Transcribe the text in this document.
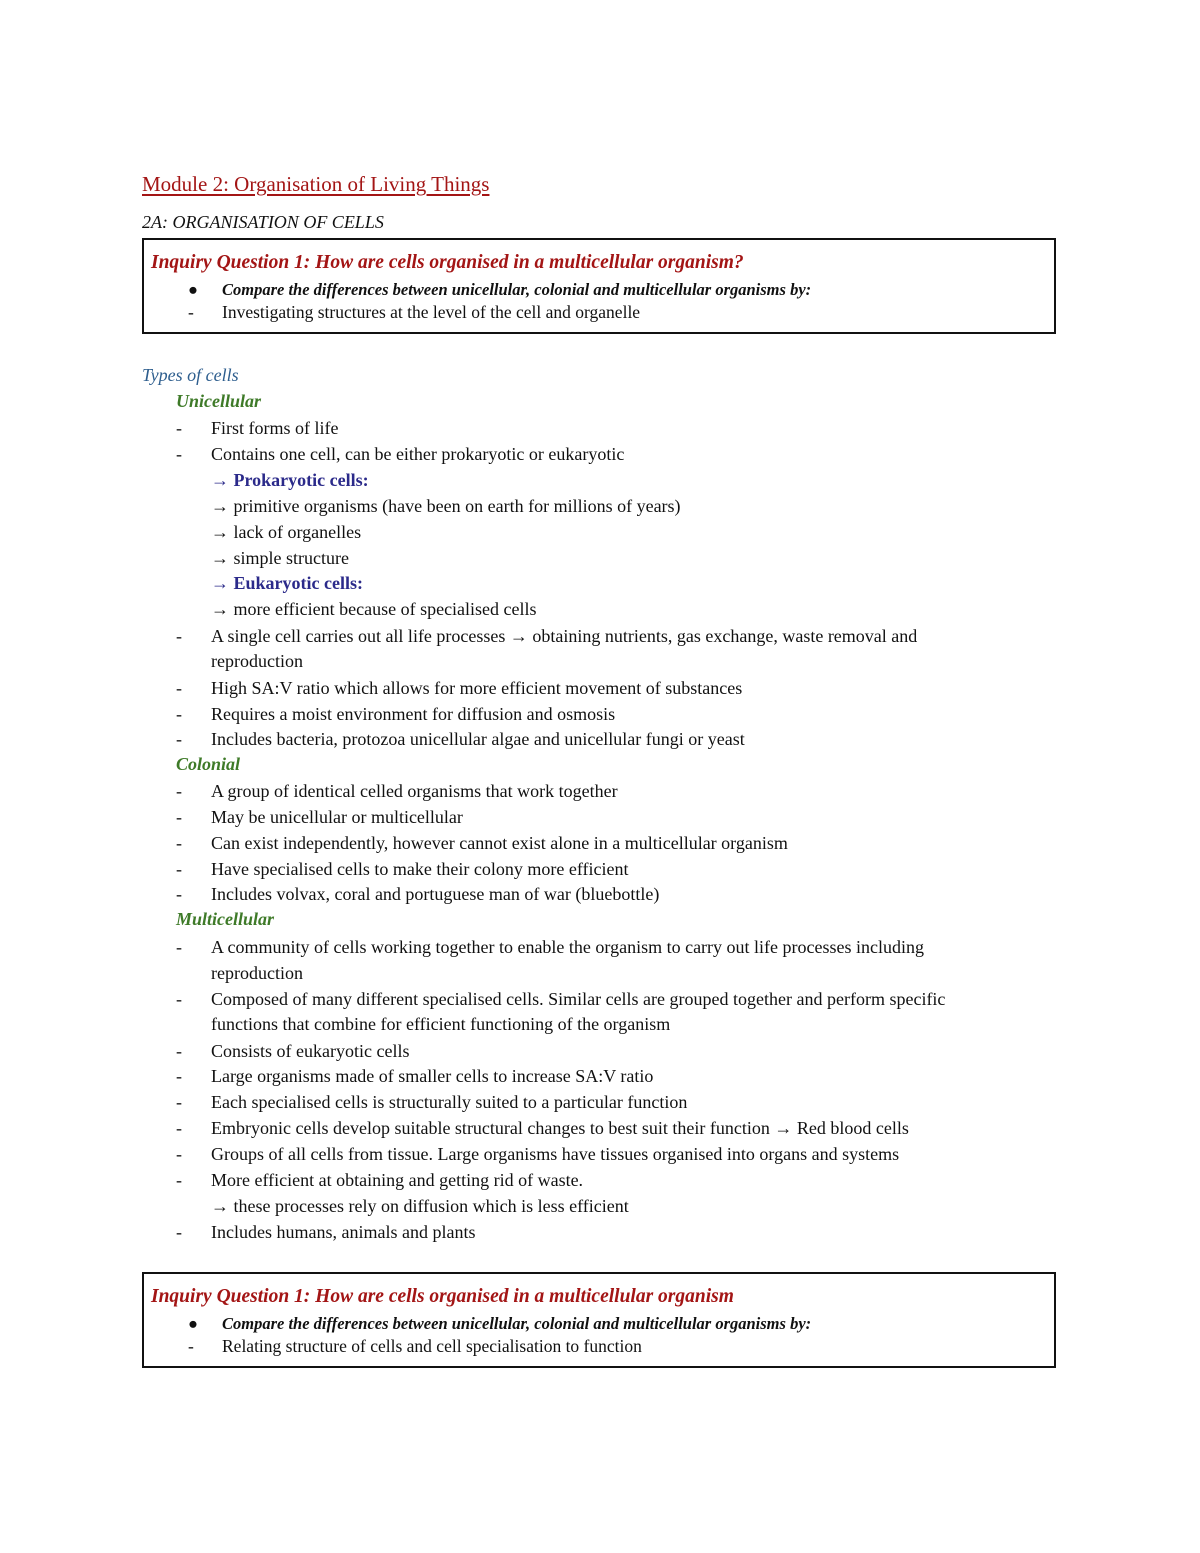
Module 2: Organisation of Living Things
2A: ORGANISATION OF CELLS
Inquiry Question 1: How are cells organised in a multicellular organism?
● Compare the differences between unicellular, colonial and multicellular organisms by:
- Investigating structures at the level of the cell and organelle
Types of cells
Unicellular
- First forms of life
- Contains one cell, can be either prokaryotic or eukaryotic
→ Prokaryotic cells:
→ primitive organisms (have been on earth for millions of years)
→ lack of organelles
→ simple structure
→ Eukaryotic cells:
→ more efficient because of specialised cells
- A single cell carries out all life processes → obtaining nutrients, gas exchange, waste removal and
reproduction
- High SA:V ratio which allows for more efficient movement of substances
- Requires a moist environment for diffusion and osmosis
- Includes bacteria, protozoa unicellular algae and unicellular fungi or yeast
Colonial
- A group of identical celled organisms that work together
- May be unicellular or multicellular
- Can exist independently, however cannot exist alone in a multicellular organism
- Have specialised cells to make their colony more efficient
- Includes volvax, coral and portuguese man of war (bluebottle)
Multicellular
- A community of cells working together to enable the organism to carry out life processes including
reproduction
- Composed of many different specialised cells. Similar cells are grouped together and perform specific
functions that combine for efficient functioning of the organism
- Consists of eukaryotic cells
- Large organisms made of smaller cells to increase SA:V ratio
- Each specialised cells is structurally suited to a particular function
- Embryonic cells develop suitable structural changes to best suit their function → Red blood cells
- Groups of all cells from tissue. Large organisms have tissues organised into organs and systems
- More efficient at obtaining and getting rid of waste.
→ these processes rely on diffusion which is less efficient
- Includes humans, animals and plants
Inquiry Question 1: How are cells organised in a multicellular organism
● Compare the differences between unicellular, colonial and multicellular organisms by:
- Relating structure of cells and cell specialisation to function
